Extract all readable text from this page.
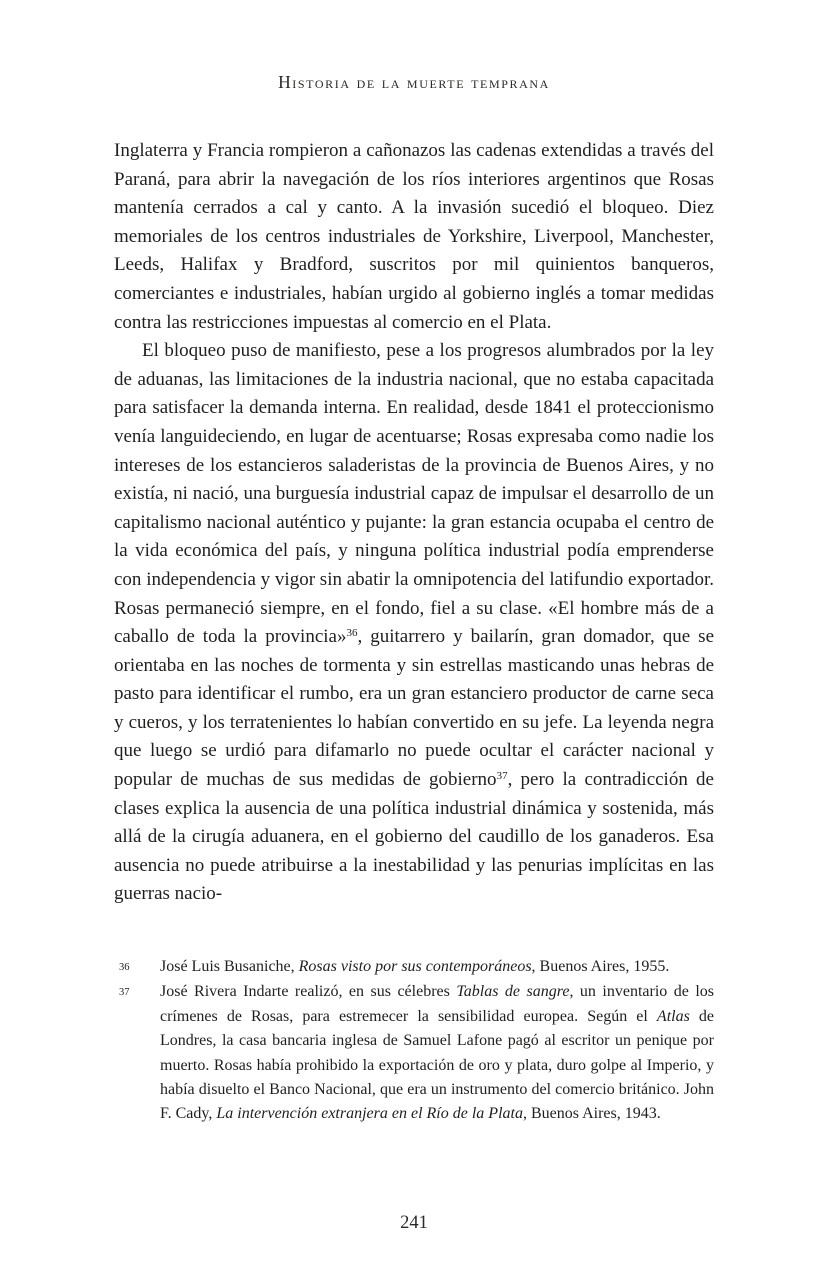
Historia de la muerte temprana

Inglaterra y Francia rompieron a cañonazos las cadenas extendidas a través del Paraná, para abrir la navegación de los ríos interiores argentinos que Rosas mantenía cerrados a cal y canto. A la invasión sucedió el bloqueo. Diez memoriales de los centros industriales de Yorkshire, Liverpool, Manchester, Leeds, Halifax y Bradford, suscritos por mil quinientos banqueros, comerciantes e industriales, habían urgido al gobierno inglés a tomar medidas contra las restricciones impuestas al comercio en el Plata.

El bloqueo puso de manifiesto, pese a los progresos alumbrados por la ley de aduanas, las limitaciones de la industria nacional, que no estaba capacitada para satisfacer la demanda interna. En realidad, desde 1841 el proteccionismo venía languideciendo, en lugar de acentuarse; Rosas expresaba como nadie los intereses de los estancieros saladeristas de la provincia de Buenos Aires, y no existía, ni nació, una burguesía industrial capaz de impulsar el desarrollo de un capitalismo nacional auténtico y pujante: la gran estancia ocupaba el centro de la vida económica del país, y ninguna política industrial podía emprenderse con independencia y vigor sin abatir la omnipotencia del latifundio exportador. Rosas permaneció siempre, en el fondo, fiel a su clase. «El hombre más de a caballo de toda la provincia»$^{36}$, guitarrero y bailarín, gran domador, que se orientaba en las noches de tormenta y sin estrellas masticando unas hebras de pasto para identificar el rumbo, era un gran estanciero productor de carne seca y cueros, y los terratenientes lo habían convertido en su jefe. La leyenda negra que luego se urdió para difamarlo no puede ocultar el carácter nacional y popular de muchas de sus medidas de gobierno$^{37}$, pero la contradicción de clases explica la ausencia de una política industrial dinámica y sostenida, más allá de la cirugía aduanera, en el gobierno del caudillo de los ganaderos. Esa ausencia no puede atribuirse a la inestabilidad y las penurias implícitas en las guerras nacio-

36	José Luis Busaniche, Rosas visto por sus contemporáneos, Buenos Aires, 1955.
37	José Rivera Indarte realizó, en sus célebres Tablas de sangre, un inventario de los crímenes de Rosas, para estremecer la sensibilidad europea. Según el Atlas de Londres, la casa bancaria inglesa de Samuel Lafone pagó al escritor un penique por muerto. Rosas había prohibido la exportación de oro y plata, duro golpe al Imperio, y había disuelto el Banco Nacional, que era un instrumento del comercio británico. John F. Cady, La intervención extranjera en el Río de la Plata, Buenos Aires, 1943.
241
